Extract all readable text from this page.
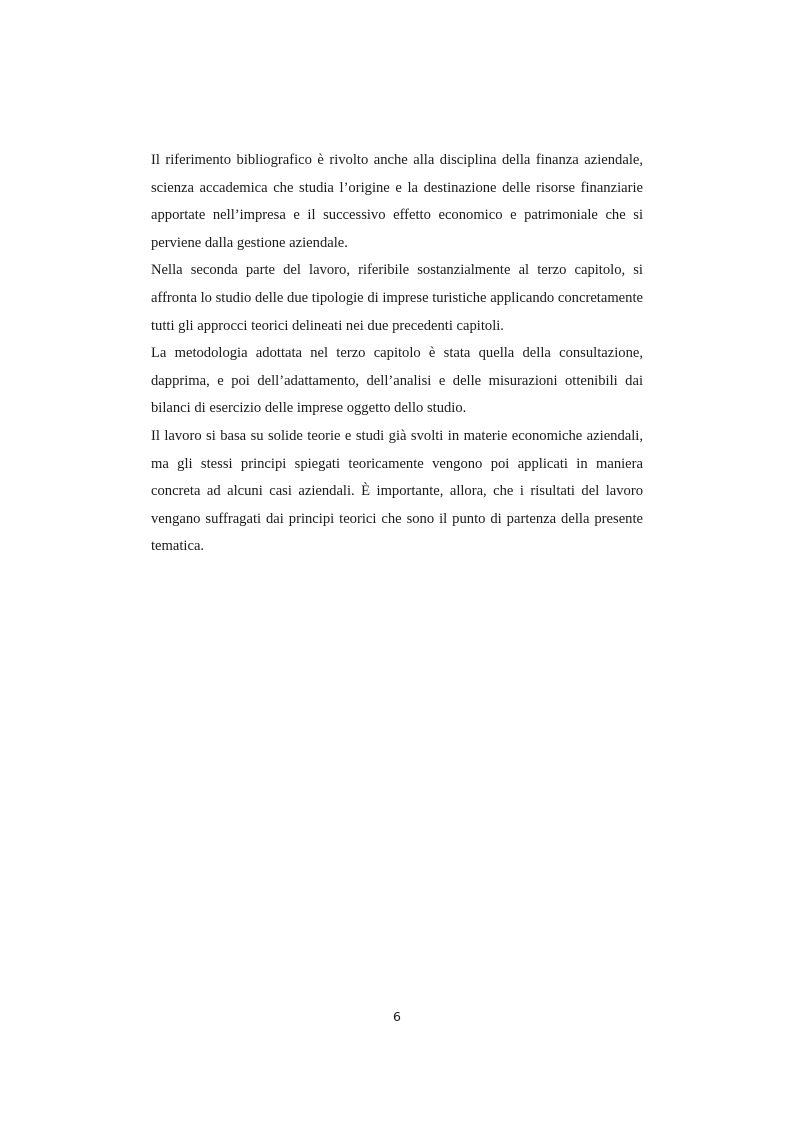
Il riferimento bibliografico è rivolto anche alla disciplina della finanza aziendale, scienza accademica che studia l’origine e la destinazione delle risorse finanziarie apportate nell’impresa e il successivo effetto economico e patrimoniale che si perviene dalla gestione aziendale.

Nella seconda parte del lavoro, riferibile sostanzialmente al terzo capitolo, si affronta lo studio delle due tipologie di imprese turistiche applicando concretamente tutti gli approcci teorici delineati nei due precedenti capitoli.

La metodologia adottata nel terzo capitolo è stata quella della consultazione, dapprima, e poi dell’adattamento, dell’analisi e delle misurazioni ottenibili dai bilanci di esercizio delle imprese oggetto dello studio.

Il lavoro si basa su solide teorie e studi già svolti in materie economiche aziendali, ma gli stessi principi spiegati teoricamente vengono poi applicati in maniera concreta ad alcuni casi aziendali. È importante, allora, che i risultati del lavoro vengano suffragati dai principi teorici che sono il punto di partenza della presente tematica.

6
